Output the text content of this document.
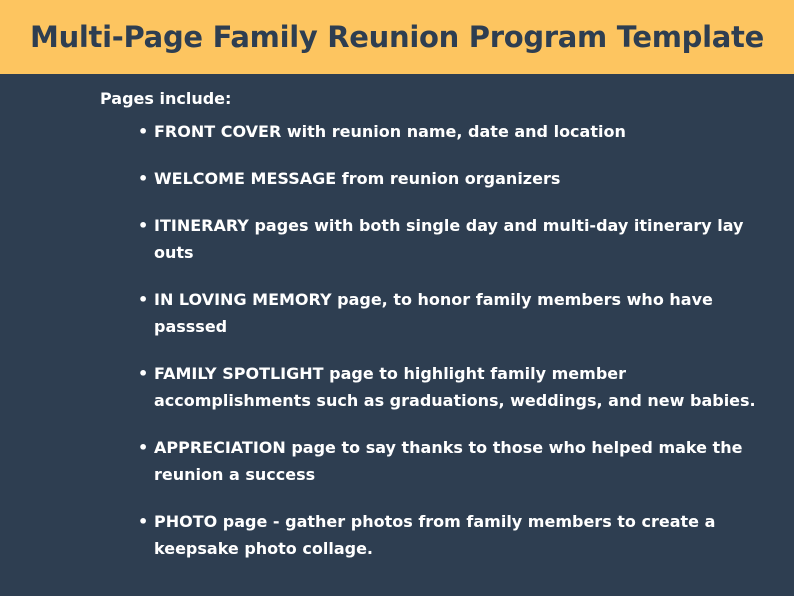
Multi-Page Family Reunion Program Template
Pages include:
• FRONT COVER with reunion name, date and location
• WELCOME MESSAGE from reunion organizers
• ITINERARY pages with both single day and multi-day itinerary lay outs
• IN LOVING MEMORY page, to honor family members who have passsed
• FAMILY SPOTLIGHT page to highlight family member accomplishments such as graduations, weddings, and new babies.
• APPRECIATION page to say thanks to those who helped make the reunion a success
• PHOTO page - gather photos from family members to create a keepsake photo collage.
